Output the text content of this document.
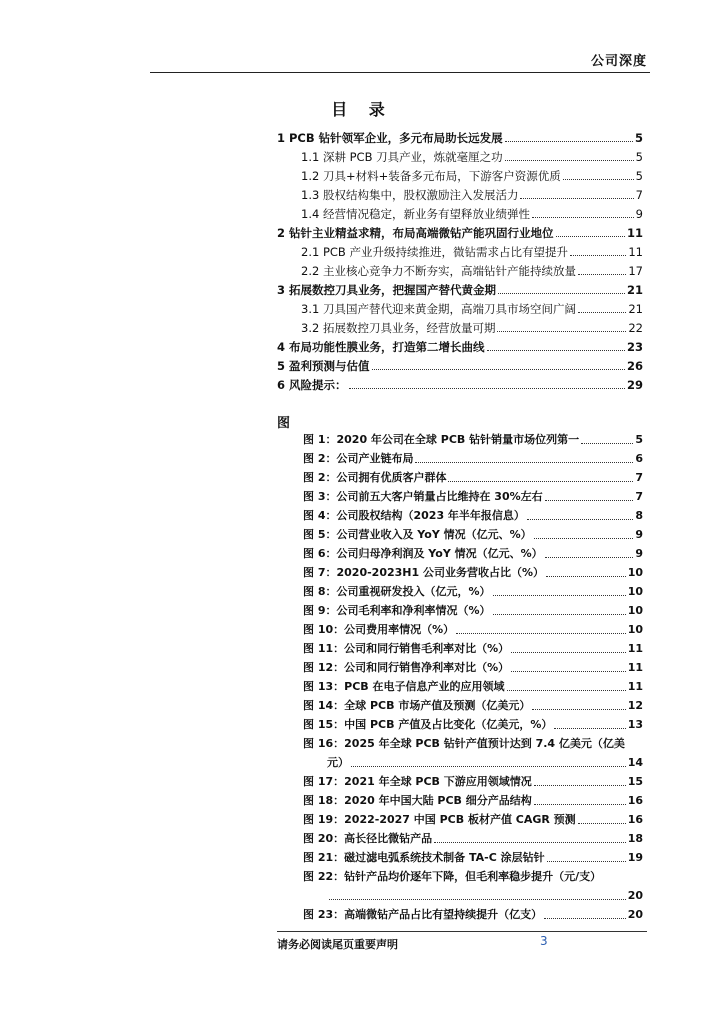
公司深度
目 录
1 PCB 钻针领军企业，多元布局助长远发展	5
1.1 深耕 PCB 刀具产业，炼就毫厘之功	5
1.2 刀具+材料+装备多元布局，下游客户资源优质	5
1.3 股权结构集中，股权激励注入发展活力	7
1.4 经营情况稳定，新业务有望释放业绩弹性	9
2 钻针主业精益求精，布局高端微钻产能巩固行业地位	11
2.1 PCB 产业升级持续推进，微钻需求占比有望提升	11
2.2 主业核心竞争力不断夯实，高端钻针产能持续放量	17
3 拓展数控刀具业务，把握国产替代黄金期	21
3.1 刀具国产替代迎来黄金期，高端刀具市场空间广阔	21
3.2 拓展数控刀具业务，经营放量可期	22
4 布局功能性膜业务，打造第二增长曲线	23
5 盈利预测与估值	26
6 风险提示：	29
图
图 1：2020 年公司在全球 PCB 钻针销量市场位列第一	5
图 2：公司产业链布局	6
图 2：公司拥有优质客户群体	7
图 3：公司前五大客户销量占比维持在 30%左右	7
图 4：公司股权结构（2023 年半年报信息）	8
图 5：公司营业收入及 YoY 情况（亿元、%）	9
图 6：公司归母净利润及 YoY 情况（亿元、%）	9
图 7：2020-2023H1 公司业务营收占比（%）	10
图 8：公司重视研发投入（亿元，%）	10
图 9：公司毛利率和净利率情况（%）	10
图 10：公司费用率情况（%）	10
图 11：公司和同行销售毛利率对比（%）	11
图 12：公司和同行销售净利率对比（%）	11
图 13：PCB 在电子信息产业的应用领域	11
图 14：全球 PCB 市场产值及预测（亿美元）	12
图 15：中国 PCB 产值及占比变化（亿美元，%）	13
图 16：2025 年全球 PCB 钻针产值预计达到 7.4 亿美元（亿美
元）	14
图 17：2021 年全球 PCB 下游应用领域情况	15
图 18：2020 年中国大陆 PCB 细分产品结构	16
图 19：2022-2027 中国 PCB 板材产值 CAGR 预测	16
图 20：高长径比微钻产品	18
图 21：磁过滤电弧系统技术制备 TA-C 涂层钻针	19
图 22：钻针产品均价逐年下降，但毛利率稳步提升（元/支）
20
图 23：高端微钻产品占比有望持续提升（亿支）	20
请务必阅读尾页重要声明	3
